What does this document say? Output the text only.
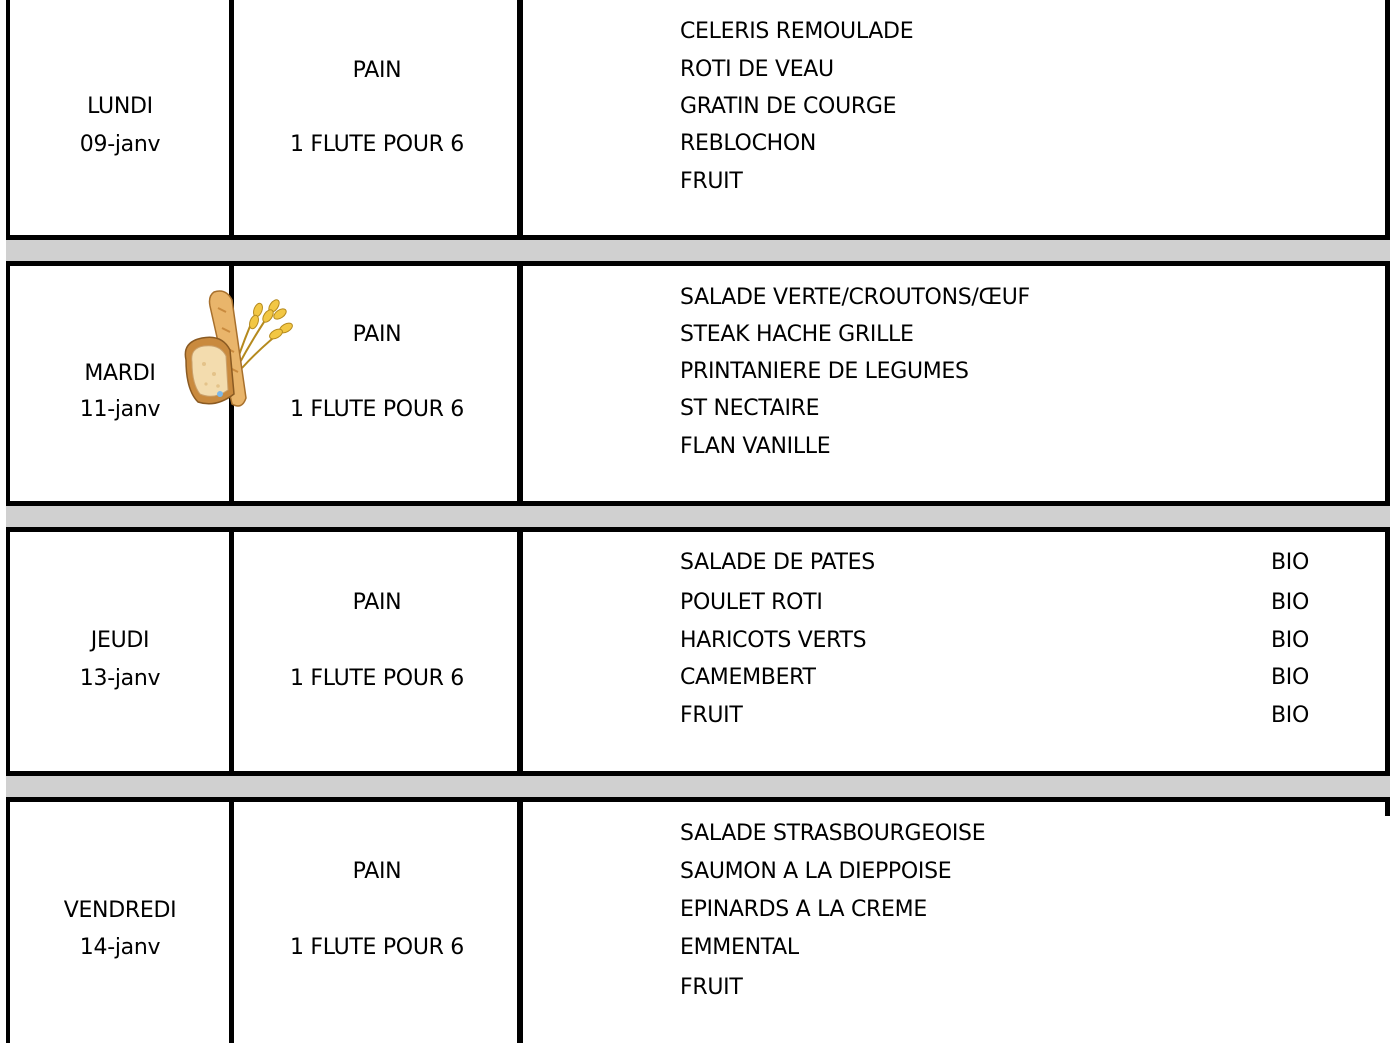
LUNDI
09-janv
PAIN
1 FLUTE POUR 6
CELERIS REMOULADE
ROTI DE VEAU
GRATIN DE COURGE
REBLOCHON
FRUIT
MARDI
11-janv
PAIN
1 FLUTE POUR 6
SALADE VERTE/CROUTONS/ŒUF
STEAK HACHE GRILLE
PRINTANIERE DE LEGUMES
ST NECTAIRE
FLAN VANILLE
JEUDI
13-janv
PAIN
1 FLUTE POUR 6
SALADE DE PATES
POULET ROTI
HARICOTS VERTS
CAMEMBERT
FRUIT
BIO
BIO
BIO
BIO
BIO
VENDREDI
14-janv
PAIN
1 FLUTE POUR 6
SALADE STRASBOURGEOISE
SAUMON A LA DIEPPOISE
EPINARDS A LA CREME
EMMENTAL
FRUIT
